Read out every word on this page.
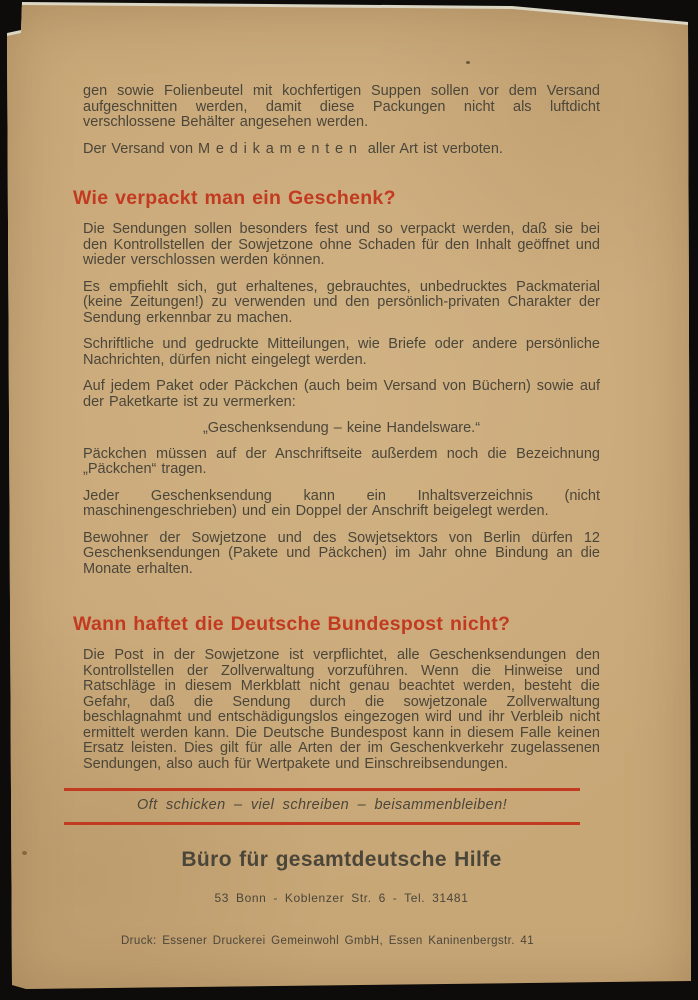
gen sowie Folienbeutel mit kochfertigen Suppen sollen vor dem Versand aufgeschnitten werden, damit diese Packungen nicht als luftdicht verschlossene Behälter angesehen werden.

Der Versand von Medikamenten aller Art ist verboten.

Wie verpackt man ein Geschenk?

Die Sendungen sollen besonders fest und so verpackt werden, daß sie bei den Kontrollstellen der Sowjetzone ohne Schaden für den Inhalt geöffnet und wieder verschlossen werden können.

Es empfiehlt sich, gut erhaltenes, gebrauchtes, unbedrucktes Packmaterial (keine Zeitungen!) zu verwenden und den persönlich-privaten Charakter der Sendung erkennbar zu machen.

Schriftliche und gedruckte Mitteilungen, wie Briefe oder andere persönliche Nachrichten, dürfen nicht eingelegt werden.

Auf jedem Paket oder Päckchen (auch beim Versand von Büchern) sowie auf der Paketkarte ist zu vermerken:

„Geschenksendung – keine Handelsware.“

Päckchen müssen auf der Anschriftseite außerdem noch die Bezeichnung „Päckchen“ tragen.

Jeder Geschenksendung kann ein Inhaltsverzeichnis (nicht maschinengeschrieben) und ein Doppel der Anschrift beigelegt werden.

Bewohner der Sowjetzone und des Sowjetsektors von Berlin dürfen 12 Geschenksendungen (Pakete und Päckchen) im Jahr ohne Bindung an die Monate erhalten.

Wann haftet die Deutsche Bundespost nicht?

Die Post in der Sowjetzone ist verpflichtet, alle Geschenksendungen den Kontrollstellen der Zollverwaltung vorzuführen. Wenn die Hinweise und Ratschläge in diesem Merkblatt nicht genau beachtet werden, besteht die Gefahr, daß die Sendung durch die sowjetzonale Zollverwaltung beschlagnahmt und entschädigungslos eingezogen wird und ihr Verbleib nicht ermittelt werden kann. Die Deutsche Bundespost kann in diesem Falle keinen Ersatz leisten. Dies gilt für alle Arten der im Geschenkverkehr zugelassenen Sendungen, also auch für Wertpakete und Einschreibsendungen.

Oft schicken – viel schreiben – beisammenbleiben!

Büro für gesamtdeutsche Hilfe

53 Bonn - Koblenzer Str. 6 - Tel. 31481

Druck: Essener Druckerei Gemeinwohl GmbH, Essen Kaninenbergstr. 41
